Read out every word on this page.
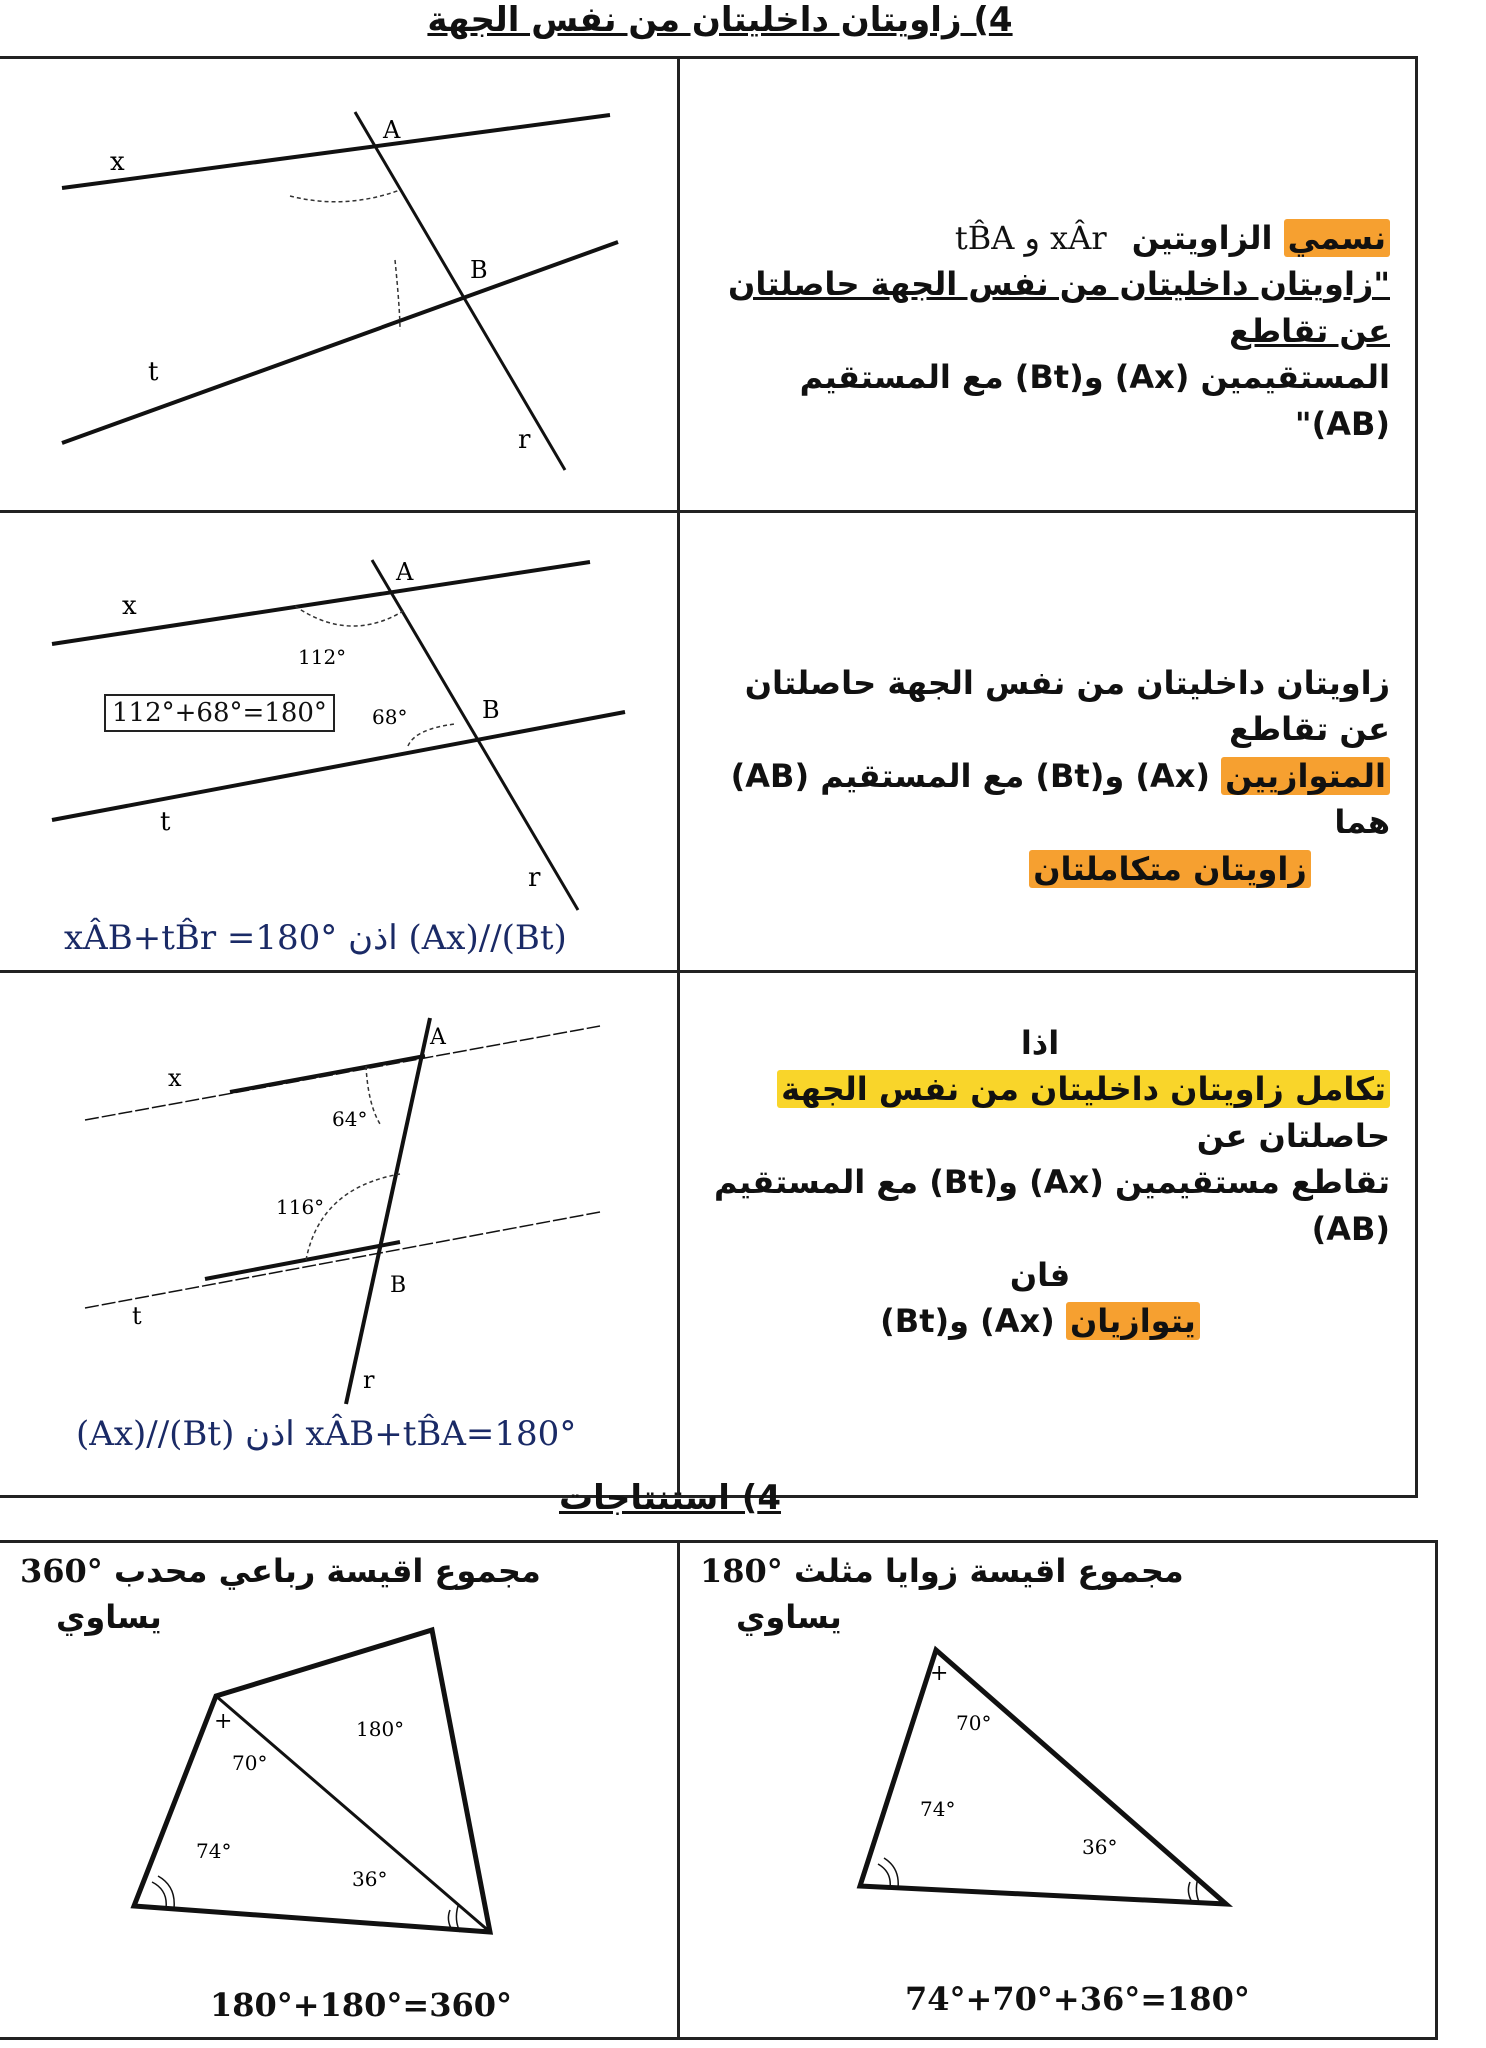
4) زاويتان داخليتان من نفس الجهة
x
A
B
t
r
نسمي الزاويتين tB̂A و xÂr
"زاويتان داخليتان من نفس الجهة حاصلتان عن تقاطع
المستقيمين (Ax) و(Bt) مع المستقيم (AB)"
x
A
112°
68°	B
t
r
112°+68°=180°
xÂB+tB̂r =180° اذن (Ax)//(Bt)
زاويتان داخليتان من نفس الجهة حاصلتان عن تقاطع
المتوازيين (Ax) و(Bt) مع المستقيم (AB) هما
زاويتان متكاملتان
x
A
64°
116°
B
t
r
(Ax)//(Bt) اذن xÂB+tB̂A=180°
اذا
تكامل زاويتان داخليتان من نفس الجهة حاصلتان عن
تقاطع مستقيمين (Ax) و(Bt) مع المستقيم (AB)
فان
يتوازيان (Ax) و(Bt)
4) استنتاجات
360° مجموع اقيسة رباعي محدب يساوي
+
70°
180°
74°
36°
180°+180°=360°
180° مجموع اقيسة زوايا مثلث يساوي
+
70°
74°
36°
74°+70°+36°=180°
